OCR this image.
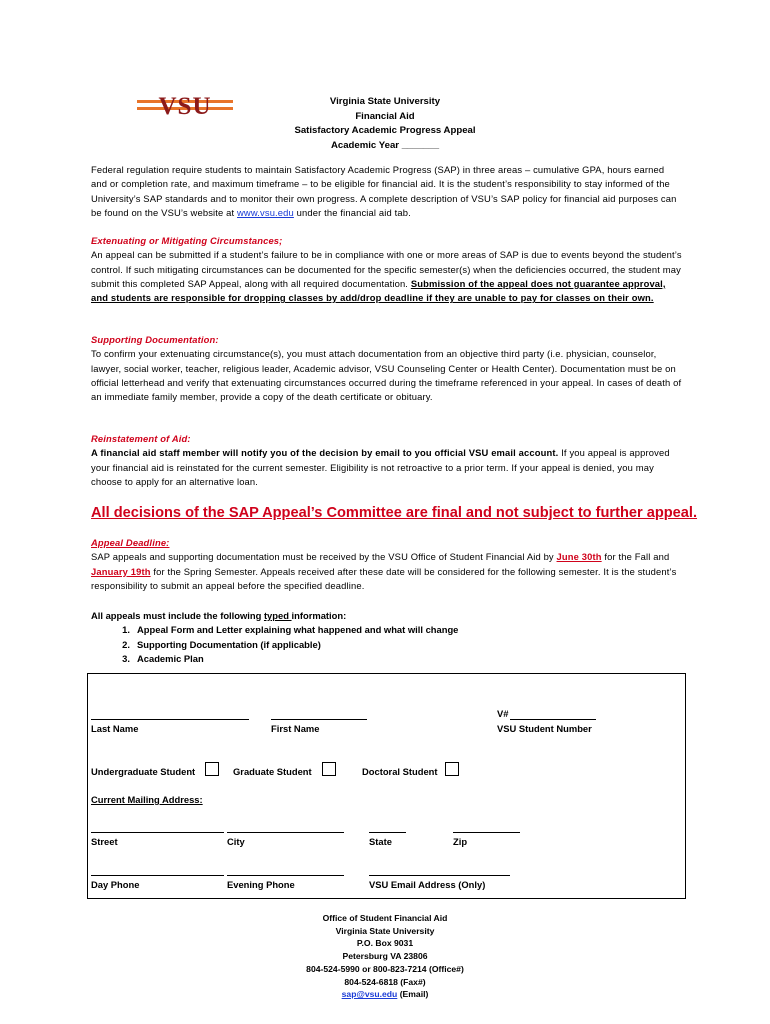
VSU	Virginia State University
Financial Aid
Satisfactory Academic Progress Appeal
Academic Year _______
Federal regulation require students to maintain Satisfactory Academic Progress (SAP) in three areas – cumulative GPA, hours earned and or completion rate, and maximum timeframe – to be eligible for financial aid. It is the student’s responsibility to stay informed of the University’s SAP standards and to monitor their own progress. A complete description of VSU’s SAP policy for financial aid purposes can be found on the VSU’s website at www.vsu.edu under the financial aid tab.
Extenuating or Mitigating Circumstances;
An appeal can be submitted if a student’s failure to be in compliance with one or more areas of SAP is due to events beyond the student’s control. If such mitigating circumstances can be documented for the specific semester(s) when the deficiencies occurred, the student may submit this completed SAP Appeal, along with all required documentation. Submission of the appeal does not guarantee approval, and students are responsible for dropping classes by add/drop deadline if they are unable to pay for classes on their own.
Supporting Documentation:
To confirm your extenuating circumstance(s), you must attach documentation from an objective third party (i.e. physician, counselor, lawyer, social worker, teacher, religious leader, Academic advisor, VSU Counseling Center or Health Center). Documentation must be on official letterhead and verify that extenuating circumstances occurred during the timeframe referenced in your appeal. In cases of death of an immediate family member, provide a copy of the death certificate or obituary.
Reinstatement of Aid:
A financial aid staff member will notify you of the decision by email to you official VSU email account. If you appeal is approved your financial aid is reinstated for the current semester. Eligibility is not retroactive to a prior term. If your appeal is denied, you may choose to apply for an alternative loan.
All decisions of the SAP Appeal’s Committee are final and not subject to further appeal.
Appeal Deadline:
SAP appeals and supporting documentation must be received by the VSU Office of Student Financial Aid by June 30th for the Fall and January 19th for the Spring Semester. Appeals received after these date will be considered for the following semester. It is the student’s responsibility to submit an appeal before the specified deadline.
All appeals must include the following typed information:
1. Appeal Form and Letter explaining what happened and what will change
2. Supporting Documentation (if applicable)
3. Academic Plan
V#
Last Name	First Name	VSU Student Number
Undergraduate Student	Graduate Student	Doctoral Student
Current Mailing Address:
Street	City	State	Zip
Day Phone	Evening Phone	VSU Email Address (Only)
Office of Student Financial Aid
Virginia State University
P.O. Box 9031
Petersburg VA 23806
804-524-5990 or 800-823-7214 (Office#)
804-524-6818 (Fax#)
sap@vsu.edu (Email)
